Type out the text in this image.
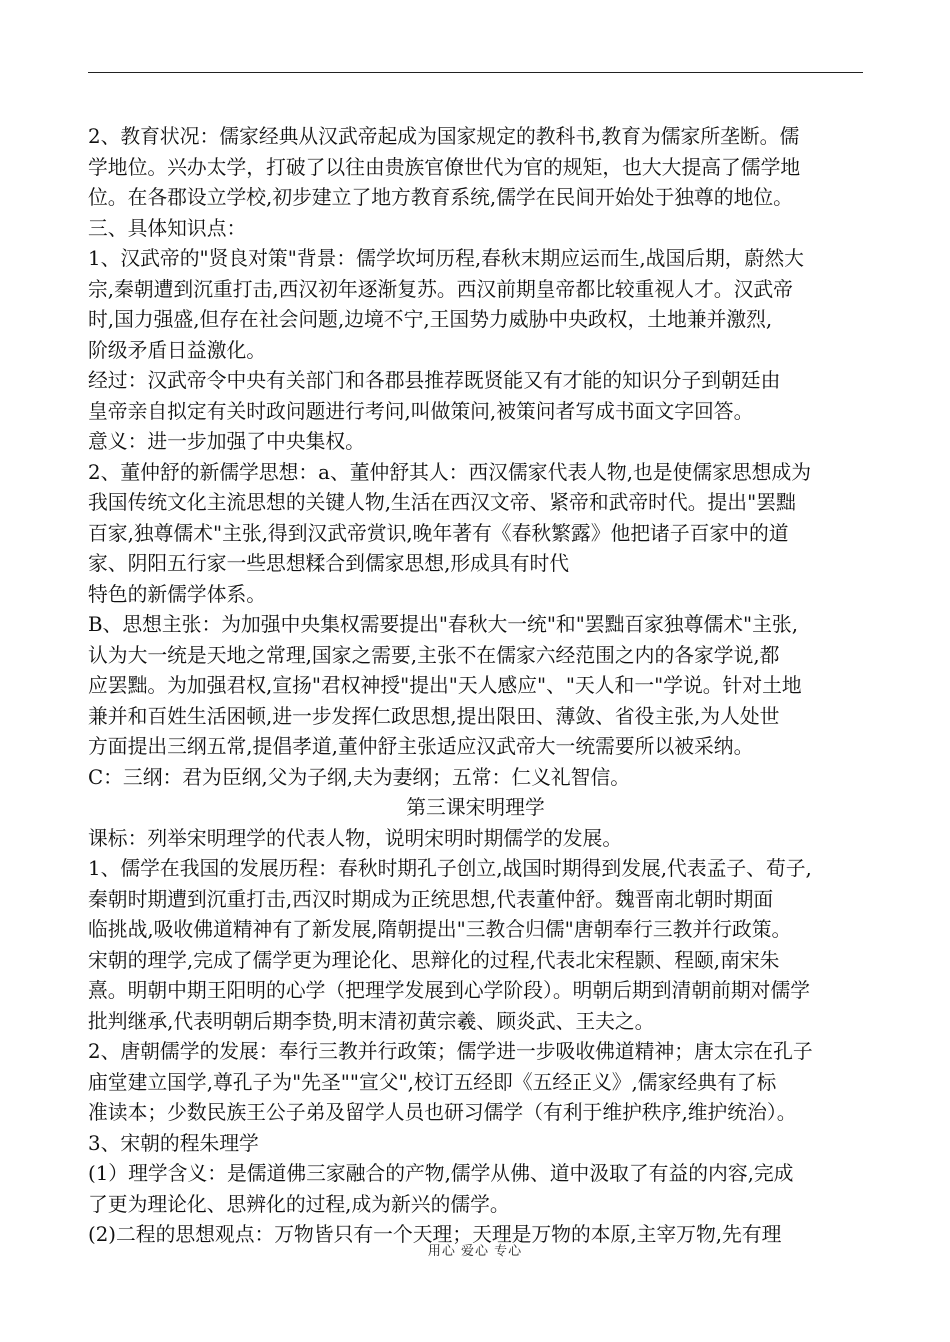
2、教育状况：儒家经典从汉武帝起成为国家规定的教科书,教育为儒家所垄断。儒
学地位。兴办太学，打破了以往由贵族官僚世代为官的规矩，也大大提高了儒学地
位。在各郡设立学校,初步建立了地方教育系统,儒学在民间开始处于独尊的地位。
三、具体知识点：
1、汉武帝的"贤良对策"背景：儒学坎坷历程,春秋末期应运而生,战国后期，蔚然大
宗,秦朝遭到沉重打击,西汉初年逐渐复苏。西汉前期皇帝都比较重视人才。汉武帝
时,国力强盛,但存在社会问题,边境不宁,王国势力威胁中央政权，土地兼并激烈,
阶级矛盾日益激化。
经过：汉武帝令中央有关部门和各郡县推荐既贤能又有才能的知识分子到朝廷由
皇帝亲自拟定有关时政问题进行考问,叫做策问,被策问者写成书面文字回答。
意义：进一步加强了中央集权。
2、董仲舒的新儒学思想：a、董仲舒其人：西汉儒家代表人物,也是使儒家思想成为
我国传统文化主流思想的关键人物,生活在西汉文帝、紧帝和武帝时代。提出"罢黜
百家,独尊儒术"主张,得到汉武帝赏识,晚年著有《春秋繁露》他把诸子百家中的道
家、阴阳五行家一些思想糅合到儒家思想,形成具有时代
特色的新儒学体系。
B、思想主张：为加强中央集权需要提出"春秋大一统"和"罢黜百家独尊儒术"主张,
认为大一统是天地之常理,国家之需要,主张不在儒家六经范围之内的各家学说,都
应罢黜。为加强君权,宣扬"君权神授"提出"天人感应"、"天人和一"学说。针对土地
兼并和百姓生活困顿,进一步发挥仁政思想,提出限田、薄敛、省役主张,为人处世
方面提出三纲五常,提倡孝道,董仲舒主张适应汉武帝大一统需要所以被采纳。
C：三纲：君为臣纲,父为子纲,夫为妻纲；五常：仁义礼智信。
第三课宋明理学
课标：列举宋明理学的代表人物，说明宋明时期儒学的发展。
1、儒学在我国的发展历程：春秋时期孔子创立,战国时期得到发展,代表孟子、荀子,
秦朝时期遭到沉重打击,西汉时期成为正统思想,代表董仲舒。魏晋南北朝时期面
临挑战,吸收佛道精神有了新发展,隋朝提出"三教合归儒"唐朝奉行三教并行政策。
宋朝的理学,完成了儒学更为理论化、思辩化的过程,代表北宋程颢、程颐,南宋朱
熹。明朝中期王阳明的心学（把理学发展到心学阶段）。明朝后期到清朝前期对儒学
批判继承,代表明朝后期李贽,明末清初黄宗羲、顾炎武、王夫之。
2、唐朝儒学的发展：奉行三教并行政策；儒学进一步吸收佛道精神；唐太宗在孔子
庙堂建立国学,尊孔子为"先圣""宣父",校订五经即《五经正义》,儒家经典有了标
准读本；少数民族王公子弟及留学人员也研习儒学（有利于维护秩序,维护统治）。
3、宋朝的程朱理学
(1）理学含义：是儒道佛三家融合的产物,儒学从佛、道中汲取了有益的内容,完成
了更为理论化、思辨化的过程,成为新兴的儒学。
(2)二程的思想观点：万物皆只有一个天理；天理是万物的本原,主宰万物,先有理
用心 爱心 专心
